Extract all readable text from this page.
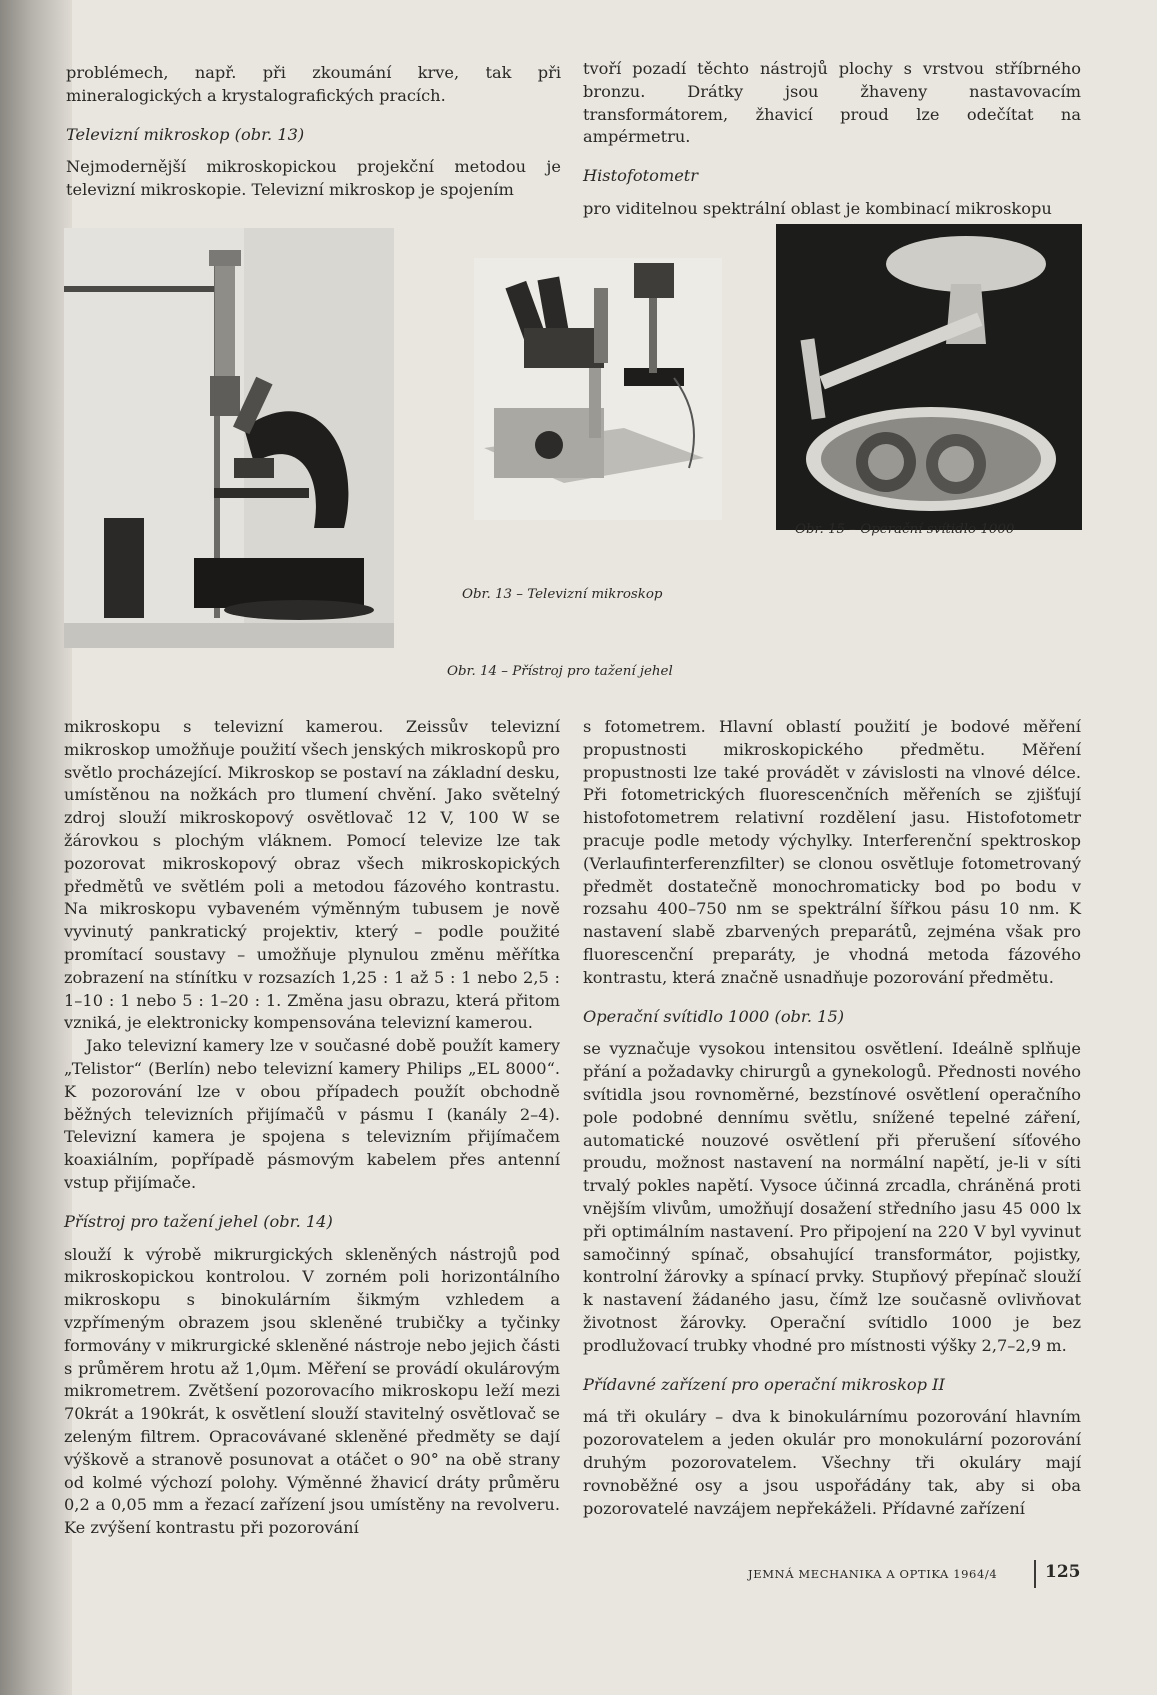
problémech, např. při zkoumání krve, tak při mineralogických a krystalografických pracích.

Televizní mikroskop (obr. 13)

Nejmodernější mikroskopickou projekční metodou je televizní mikroskopie. Televizní mikroskop je spojením

tvoří pozadí těchto nástrojů plochy s vrstvou stříbrného bronzu. Drátky jsou žhaveny nastavovacím transformátorem, žhavicí proud lze odečítat na ampérmetru.

Histofotometr

pro viditelnou spektrální oblast je kombinací mikroskopu

Obr. 15 – Operační svítidlo 1000
Obr. 13 – Televizní mikroskop
Obr. 14 – Přístroj pro tažení jehel

mikroskopu s televizní kamerou. Zeissův televizní mikroskop umožňuje použití všech jenských mikroskopů pro světlo procházející. Mikroskop se postaví na základní desku, umístěnou na nožkách pro tlumení chvění. Jako světelný zdroj slouží mikroskopový osvětlovač 12 V, 100 W se žárovkou s plochým vláknem. Pomocí televize lze tak pozorovat mikroskopový obraz všech mikroskopických předmětů ve světlém poli a metodou fázového kontrastu. Na mikroskopu vybaveném výměnným tubusem je nově vyvinutý pankratický projektiv, který – podle použité promítací soustavy – umožňuje plynulou změnu měřítka zobrazení na stínítku v rozsazích 1,25 : 1 až 5 : 1 nebo 2,5 : 1–10 : 1 nebo 5 : 1–20 : 1. Změna jasu obrazu, která přitom vzniká, je elektronicky kompensována televizní kamerou.

Jako televizní kamery lze v současné době použít kamery „Telistor“ (Berlín) nebo televizní kamery Philips „EL 8000“. K pozorování lze v obou případech použít obchodně běžných televizních přijímačů v pásmu I (kanály 2–4). Televizní kamera je spojena s televizním přijímačem koaxiálním, popřípadě pásmovým kabelem přes antenní vstup přijímače.

Přístroj pro tažení jehel (obr. 14)

slouží k výrobě mikrurgických skleněných nástrojů pod mikroskopickou kontrolou. V zorném poli horizontálního mikroskopu s binokulárním šikmým vzhledem a vzpřímeným obrazem jsou skleněné trubičky a tyčinky formovány v mikrurgické skleněné nástroje nebo jejich části s průměrem hrotu až 1,0μm. Měření se provádí okulárovým mikrometrem. Zvětšení pozorovacího mikroskopu leží mezi 70krát a 190krát, k osvětlení slouží stavitelný osvětlovač se zeleným filtrem. Opracovávané skleněné předměty se dají výškově a stranově posunovat a otáčet o 90° na obě strany od kolmé výchozí polohy. Výměnné žhavicí dráty průměru 0,2 a 0,05 mm a řezací zařízení jsou umístěny na revolveru. Ke zvýšení kontrastu při pozorování

s fotometrem. Hlavní oblastí použití je bodové měření propustnosti mikroskopického předmětu. Měření propustnosti lze také provádět v závislosti na vlnové délce. Při fotometrických fluorescenčních měřeních se zjišťují histofotometrem relativní rozdělení jasu. Histofotometr pracuje podle metody výchylky. Interferenční spektroskop (Verlaufinterferenzfilter) se clonou osvětluje fotometrovaný předmět dostatečně monochromaticky bod po bodu v rozsahu 400–750 nm se spektrální šířkou pásu 10 nm. K nastavení slabě zbarvených preparátů, zejména však pro fluorescenční preparáty, je vhodná metoda fázového kontrastu, která značně usnadňuje pozorování předmětu.

Operační svítidlo 1000 (obr. 15)

se vyznačuje vysokou intensitou osvětlení. Ideálně splňuje přání a požadavky chirurgů a gynekologů. Přednosti nového svítidla jsou rovnoměrné, bezstínové osvětlení operačního pole podobné dennímu světlu, snížené tepelné záření, automatické nouzové osvětlení při přerušení síťového proudu, možnost nastavení na normální napětí, je-li v síti trvalý pokles napětí. Vysoce účinná zrcadla, chráněná proti vnějším vlivům, umožňují dosažení středního jasu 45 000 lx při optimálním nastavení. Pro připojení na 220 V byl vyvinut samočinný spínač, obsahující transformátor, pojistky, kontrolní žárovky a spínací prvky. Stupňový přepínač slouží k nastavení žádaného jasu, čímž lze současně ovlivňovat životnost žárovky. Operační svítidlo 1000 je bez prodlužovací trubky vhodné pro místnosti výšky 2,7–2,9 m.

Přídavné zařízení pro operační mikroskop II

má tři okuláry – dva k binokulárnímu pozorování hlavním pozorovatelem a jeden okulár pro monokulární pozorování druhým pozorovatelem. Všechny tři okuláry mají rovnoběžné osy a jsou uspořádány tak, aby si oba pozorovatelé navzájem nepřekáželi. Přídavné zařízení

JEMNÁ MECHANIKA A OPTIKA 1964/4	125
